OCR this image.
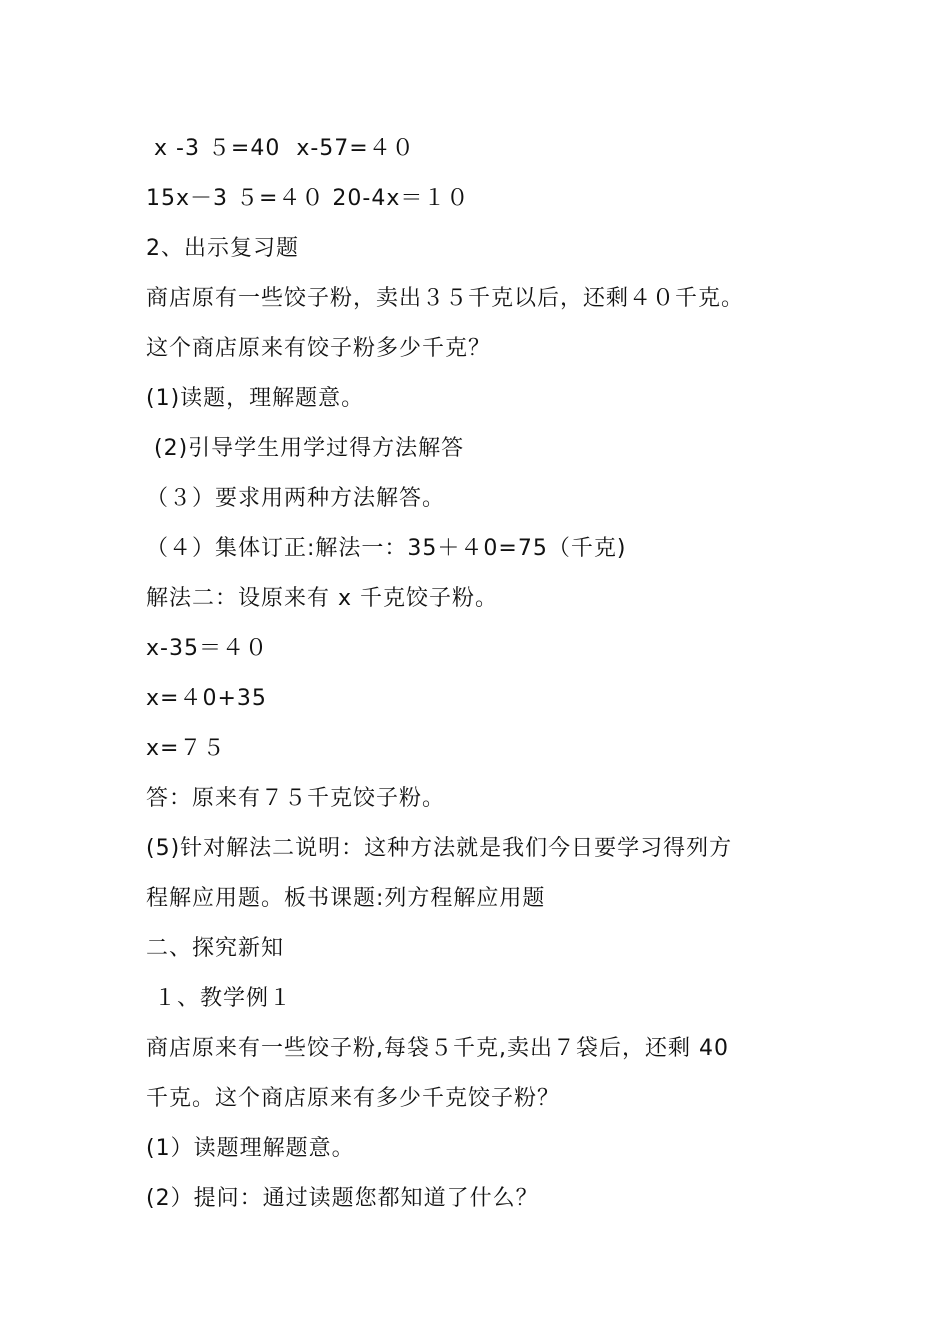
x -3 ５=40  x-57=４０
15x－3 ５=４０ 20-4x＝１０
2、出示复习题
商店原有一些饺子粉，卖出３５千克以后，还剩４０千克。
这个商店原来有饺子粉多少千克？
(1)读题，理解题意。
(2)引导学生用学过得方法解答
（３）要求用两种方法解答。
（４）集体订正:解法一：35＋４0=75（千克)
解法二：设原来有 x 千克饺子粉。
x-35＝４０
x=４0+35
x=７５
答：原来有７５千克饺子粉。
(5)针对解法二说明：这种方法就是我们今日要学习得列方
程解应用题。板书课题:列方程解应用题
二、探究新知
１、教学例１
商店原来有一些饺子粉,每袋５千克,卖出７袋后，还剩 40
千克。这个商店原来有多少千克饺子粉？
(1）读题理解题意。
(2）提问：通过读题您都知道了什么？
